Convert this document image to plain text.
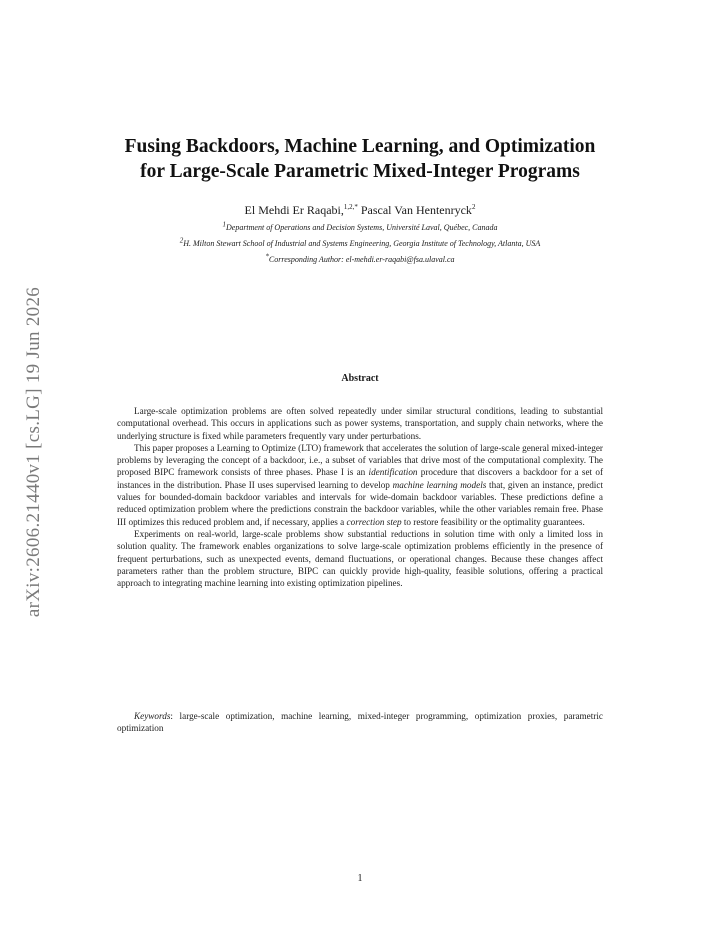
arXiv:2606.21440v1 [cs.LG] 19 Jun 2026
Fusing Backdoors, Machine Learning, and Optimization
for Large-Scale Parametric Mixed-Integer Programs
El Mehdi Er Raqabi,$^{1,2,*}$ Pascal Van Hentenryck$^2$
$^1$Department of Operations and Decision Systems, Université Laval, Québec, Canada
$^2$H. Milton Stewart School of Industrial and Systems Engineering, Georgia Institute of Technology, Atlanta, USA
*Corresponding Author: el-mehdi.er-raqabi@fsa.ulaval.ca
Abstract

Large-scale optimization problems are often solved repeatedly under similar structural conditions, leading to substantial computational overhead. This occurs in applications such as power systems, transportation, and supply chain networks, where the underlying structure is fixed while parameters frequently vary under perturbations.

This paper proposes a Learning to Optimize (LTO) framework that accelerates the solution of large-scale general mixed-integer problems by leveraging the concept of a backdoor, i.e., a subset of variables that drive most of the computational complexity. The proposed BIPC framework consists of three phases. Phase I is an identification procedure that discovers a backdoor for a set of instances in the distribution. Phase II uses supervised learning to develop machine learning models that, given an instance, predict values for bounded-domain backdoor variables and intervals for wide-domain backdoor variables. These predictions define a reduced optimization problem where the predictions constrain the backdoor variables, while the other variables remain free. Phase III optimizes this reduced problem and, if necessary, applies a correction step to restore feasibility or the optimality guarantees.

Experiments on real-world, large-scale problems show substantial reductions in solution time with only a limited loss in solution quality. The framework enables organizations to solve large-scale optimization problems efficiently in the presence of frequent perturbations, such as unexpected events, demand fluctuations, or operational changes. Because these changes affect parameters rather than the problem structure, BIPC can quickly provide high-quality, feasible solutions, offering a practical approach to integrating machine learning into existing optimization pipelines.

Keywords: large-scale optimization, machine learning, mixed-integer programming, optimization proxies, parametric optimization
1
